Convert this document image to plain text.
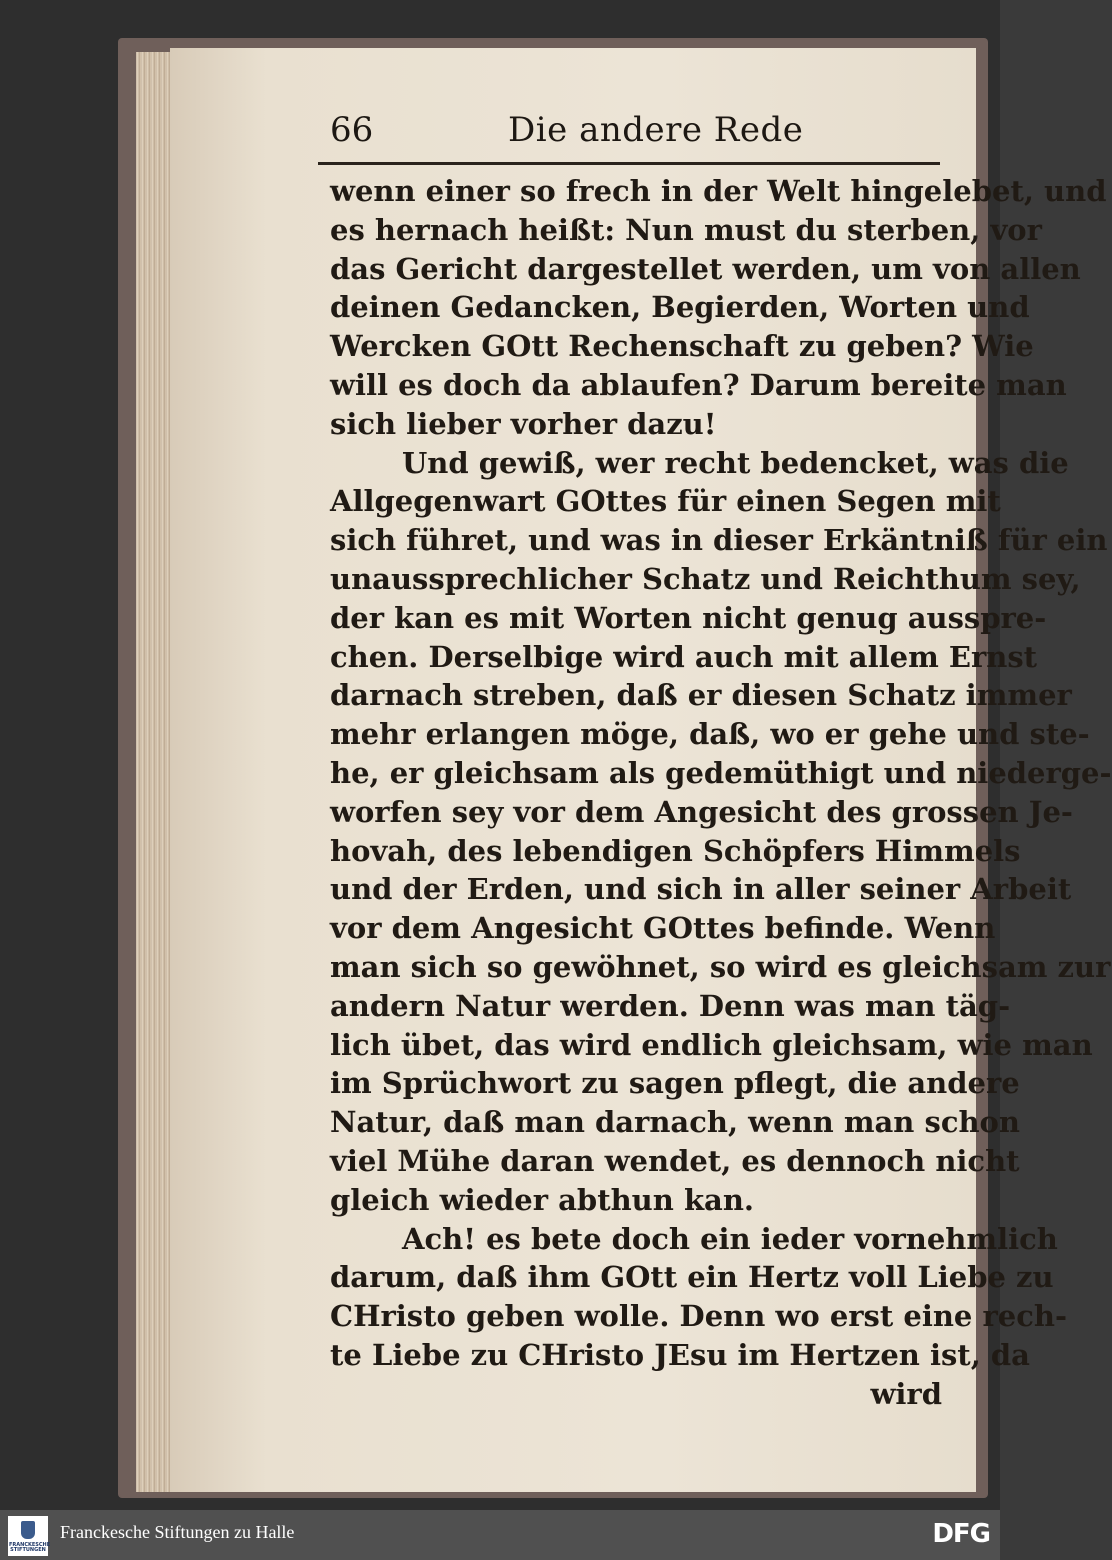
66	Die andere Rede
wenn einer so frech in der Welt hingelebet, und
es hernach heißt: Nun must du sterben, vor
das Gericht dargestellet werden, um von allen
deinen Gedancken, Begierden, Worten und
Wercken GOtt Rechenschaft zu geben? Wie
will es doch da ablaufen? Darum bereite man
sich lieber vorher dazu!
Und gewiß, wer recht bedencket, was die
Allgegenwart GOttes für einen Segen mit
sich führet, und was in dieser Erkäntniß für ein
unaussprechlicher Schatz und Reichthum sey,
der kan es mit Worten nicht genug ausspre-
chen. Derselbige wird auch mit allem Ernst
darnach streben, daß er diesen Schatz immer
mehr erlangen möge, daß, wo er gehe und ste-
he, er gleichsam als gedemüthigt und niederge-
worfen sey vor dem Angesicht des grossen Je-
hovah, des lebendigen Schöpfers Himmels
und der Erden, und sich in aller seiner Arbeit
vor dem Angesicht GOttes befinde. Wenn
man sich so gewöhnet, so wird es gleichsam zur
andern Natur werden. Denn was man täg-
lich übet, das wird endlich gleichsam, wie man
im Sprüchwort zu sagen pflegt, die andere
Natur, daß man darnach, wenn man schon
viel Mühe daran wendet, es dennoch nicht
gleich wieder abthun kan.
Ach! es bete doch ein ieder vornehmlich
darum, daß ihm GOtt ein Hertz voll Liebe zu
CHristo geben wolle. Denn wo erst eine rech-
te Liebe zu CHristo JEsu im Hertzen ist, da
wird
FRANCKESCHE
STIFTUNGEN
Franckesche Stiftungen zu Halle	DFG
